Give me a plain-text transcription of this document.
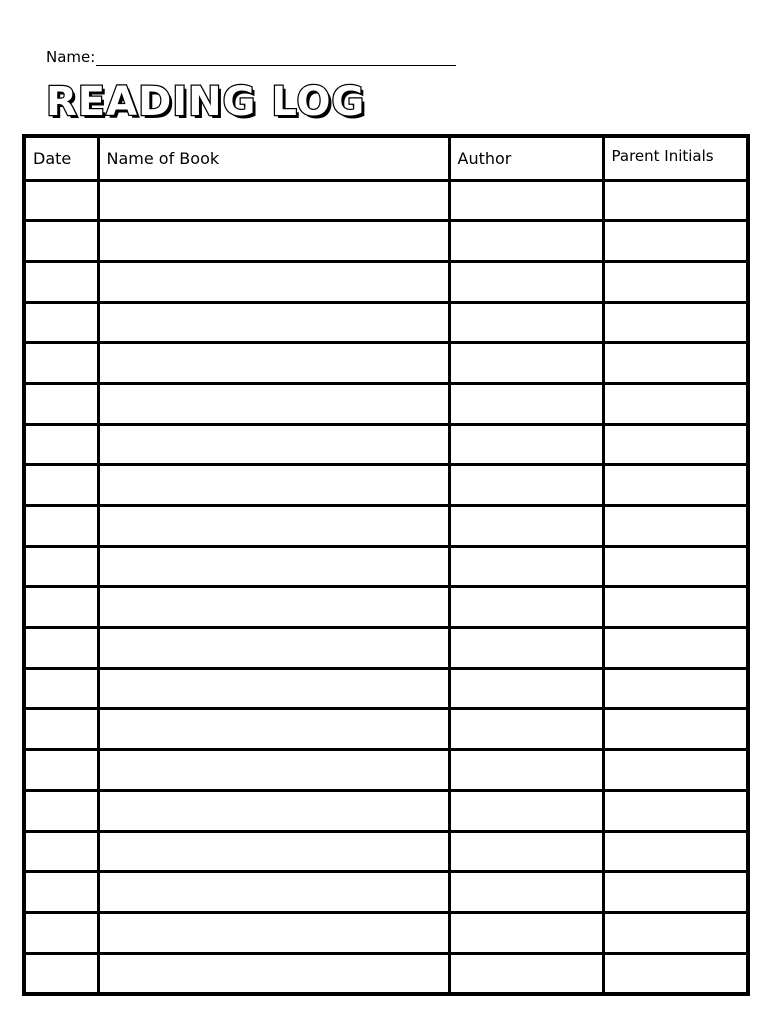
Name:
READING LOG
Date	Name of Book	Author	Parent Initials
